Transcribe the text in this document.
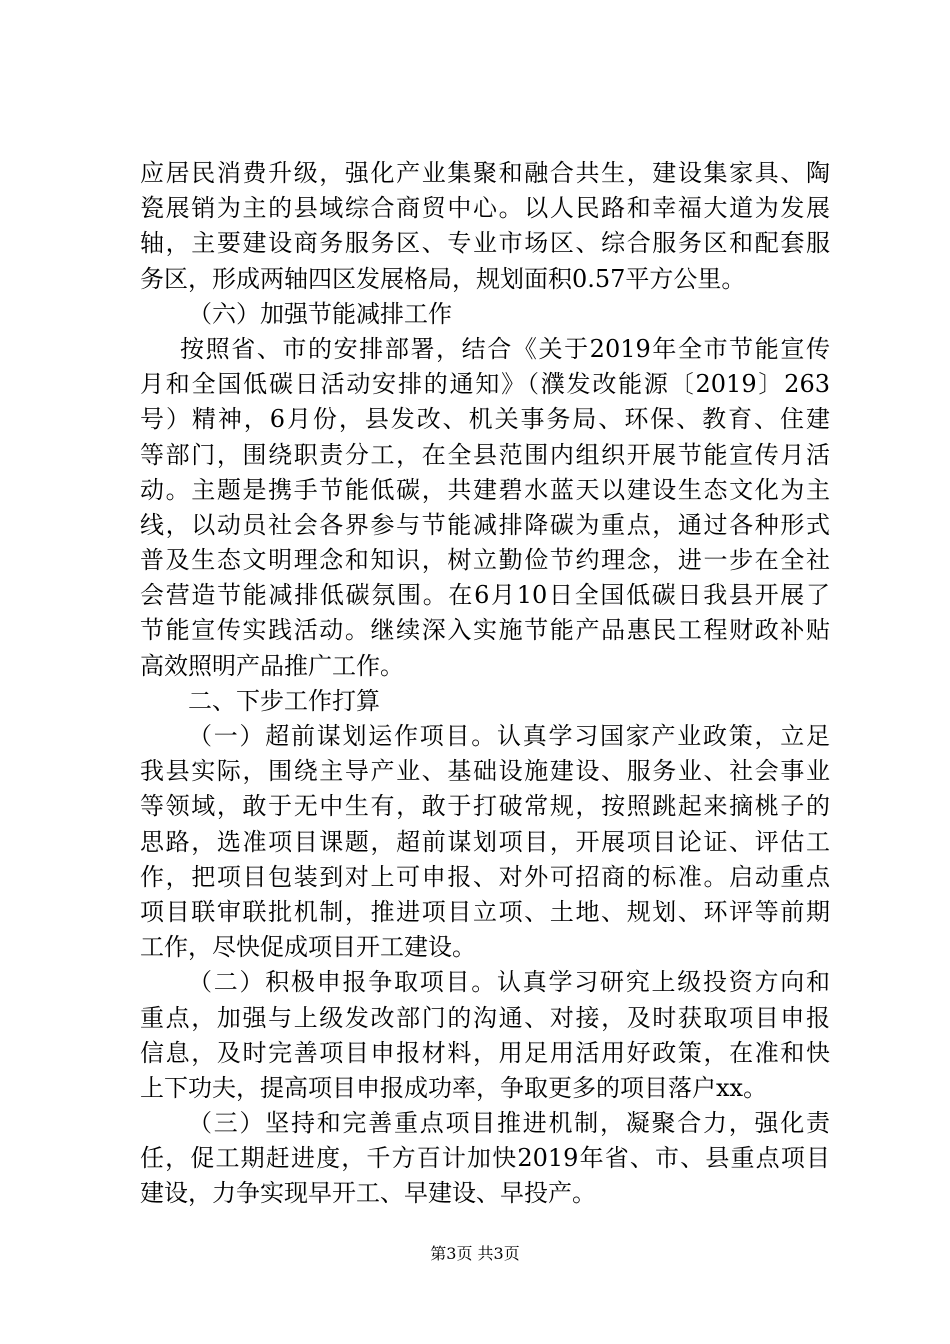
应居民消费升级，强化产业集聚和融合共生，建设集家具、陶
瓷展销为主的县域综合商贸中心。以人民路和幸福大道为发展
轴，主要建设商务服务区、专业市场区、综合服务区和配套服
务区，形成两轴四区发展格局，规划面积0.57平方公里。
（六）加强节能减排工作
按照省、市的安排部署，结合《关于2019年全市节能宣传
月和全国低碳日活动安排的通知》（濮发改能源〔2019〕263
号）精神，6月份，县发改、机关事务局、环保、教育、住建
等部门，围绕职责分工，在全县范围内组织开展节能宣传月活
动。主题是携手节能低碳，共建碧水蓝天以建设生态文化为主
线，以动员社会各界参与节能减排降碳为重点，通过各种形式
普及生态文明理念和知识，树立勤俭节约理念，进一步在全社
会营造节能减排低碳氛围。在6月10日全国低碳日我县开展了
节能宣传实践活动。继续深入实施节能产品惠民工程财政补贴
高效照明产品推广工作。
二、下步工作打算
（一）超前谋划运作项目。认真学习国家产业政策，立足
我县实际，围绕主导产业、基础设施建设、服务业、社会事业
等领域，敢于无中生有，敢于打破常规，按照跳起来摘桃子的
思路，选准项目课题，超前谋划项目，开展项目论证、评估工
作，把项目包装到对上可申报、对外可招商的标准。启动重点
项目联审联批机制，推进项目立项、土地、规划、环评等前期
工作，尽快促成项目开工建设。
（二）积极申报争取项目。认真学习研究上级投资方向和
重点，加强与上级发改部门的沟通、对接，及时获取项目申报
信息，及时完善项目申报材料，用足用活用好政策，在准和快
上下功夫，提高项目申报成功率，争取更多的项目落户xx。
（三）坚持和完善重点项目推进机制，凝聚合力，强化责
任，促工期赶进度，千方百计加快2019年省、市、县重点项目
建设，力争实现早开工、早建设、早投产。
第3页 共3页
